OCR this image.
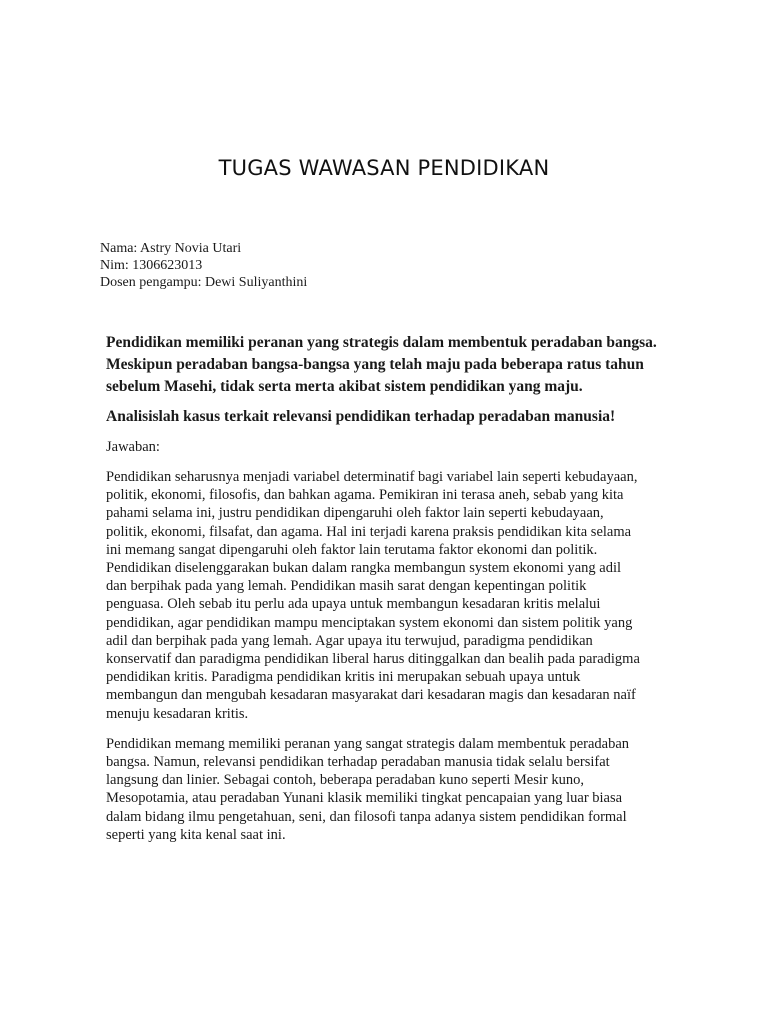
TUGAS WAWASAN PENDIDIKAN
Nama: Astry Novia Utari
Nim: 1306623013
Dosen pengampu: Dewi Suliyanthini

Pendidikan memiliki peranan yang strategis dalam membentuk peradaban bangsa.
Meskipun peradaban bangsa-bangsa yang telah maju pada beberapa ratus tahun
sebelum Masehi, tidak serta merta akibat sistem pendidikan yang maju.

Analisislah kasus terkait relevansi pendidikan terhadap peradaban manusia!

Jawaban:

Pendidikan seharusnya menjadi variabel determinatif bagi variabel lain seperti kebudayaan,
politik, ekonomi, filosofis, dan bahkan agama. Pemikiran ini terasa aneh, sebab yang kita
pahami selama ini, justru pendidikan dipengaruhi oleh faktor lain seperti kebudayaan,
politik, ekonomi, filsafat, dan agama. Hal ini terjadi karena praksis pendidikan kita selama
ini memang sangat dipengaruhi oleh faktor lain terutama faktor ekonomi dan politik.
Pendidikan diselenggarakan bukan dalam rangka membangun system ekonomi yang adil
dan berpihak pada yang lemah. Pendidikan masih sarat dengan kepentingan politik
penguasa. Oleh sebab itu perlu ada upaya untuk membangun kesadaran kritis melalui
pendidikan, agar pendidikan mampu menciptakan system ekonomi dan sistem politik yang
adil dan berpihak pada yang lemah. Agar upaya itu terwujud, paradigma pendidikan
konservatif dan paradigma pendidikan liberal harus ditinggalkan dan bealih pada paradigma
pendidikan kritis. Paradigma pendidikan kritis ini merupakan sebuah upaya untuk
membangun dan mengubah kesadaran masyarakat dari kesadaran magis dan kesadaran naïf
menuju kesadaran kritis.

Pendidikan memang memiliki peranan yang sangat strategis dalam membentuk peradaban
bangsa. Namun, relevansi pendidikan terhadap peradaban manusia tidak selalu bersifat
langsung dan linier. Sebagai contoh, beberapa peradaban kuno seperti Mesir kuno,
Mesopotamia, atau peradaban Yunani klasik memiliki tingkat pencapaian yang luar biasa
dalam bidang ilmu pengetahuan, seni, dan filosofi tanpa adanya sistem pendidikan formal
seperti yang kita kenal saat ini.
